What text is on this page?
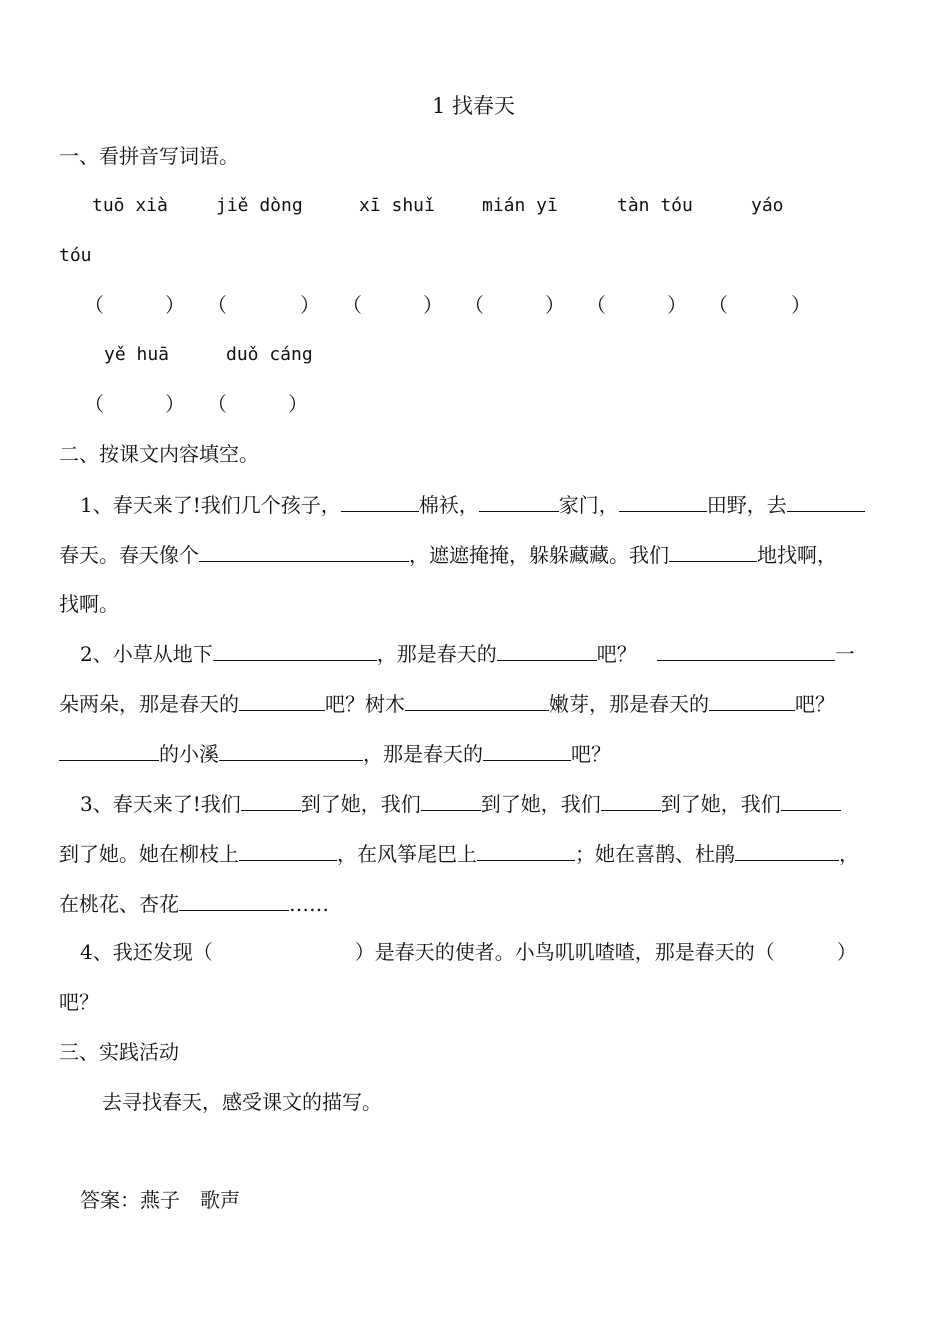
1 找春天
一、看拼音写词语。
tuō xià	jiě dòng	xī shuǐ	mián yī	tàn tóu	yáo
tóu
（	） （	） （	） （	） （	） （	）
yě huā	duǒ cáng
（	） （	）
二、按课文内容填空。
1、春天来了!我们几个孩子，	棉袄，	家门，	田野，去
春天。春天像个	，遮遮掩掩，躲躲藏藏。我们	地找啊，
找啊。
2、小草从地下	，那是春天的	吧？	一
朵两朵，那是春天的	吧？树木	嫩芽，那是春天的	吧？
的小溪	，那是春天的	吧？
3、春天来了!我们	到了她，我们	到了她，我们	到了她，我们
到了她。她在柳枝上	，在风筝尾巴上	；她在喜鹊、杜鹃	，
在桃花、杏花	……
4、我还发现（	）是春天的使者。小鸟叽叽喳喳，那是春天的（	）
吧？
三、实践活动
去寻找春天，感受课文的描写。
答案：燕子　歌声
